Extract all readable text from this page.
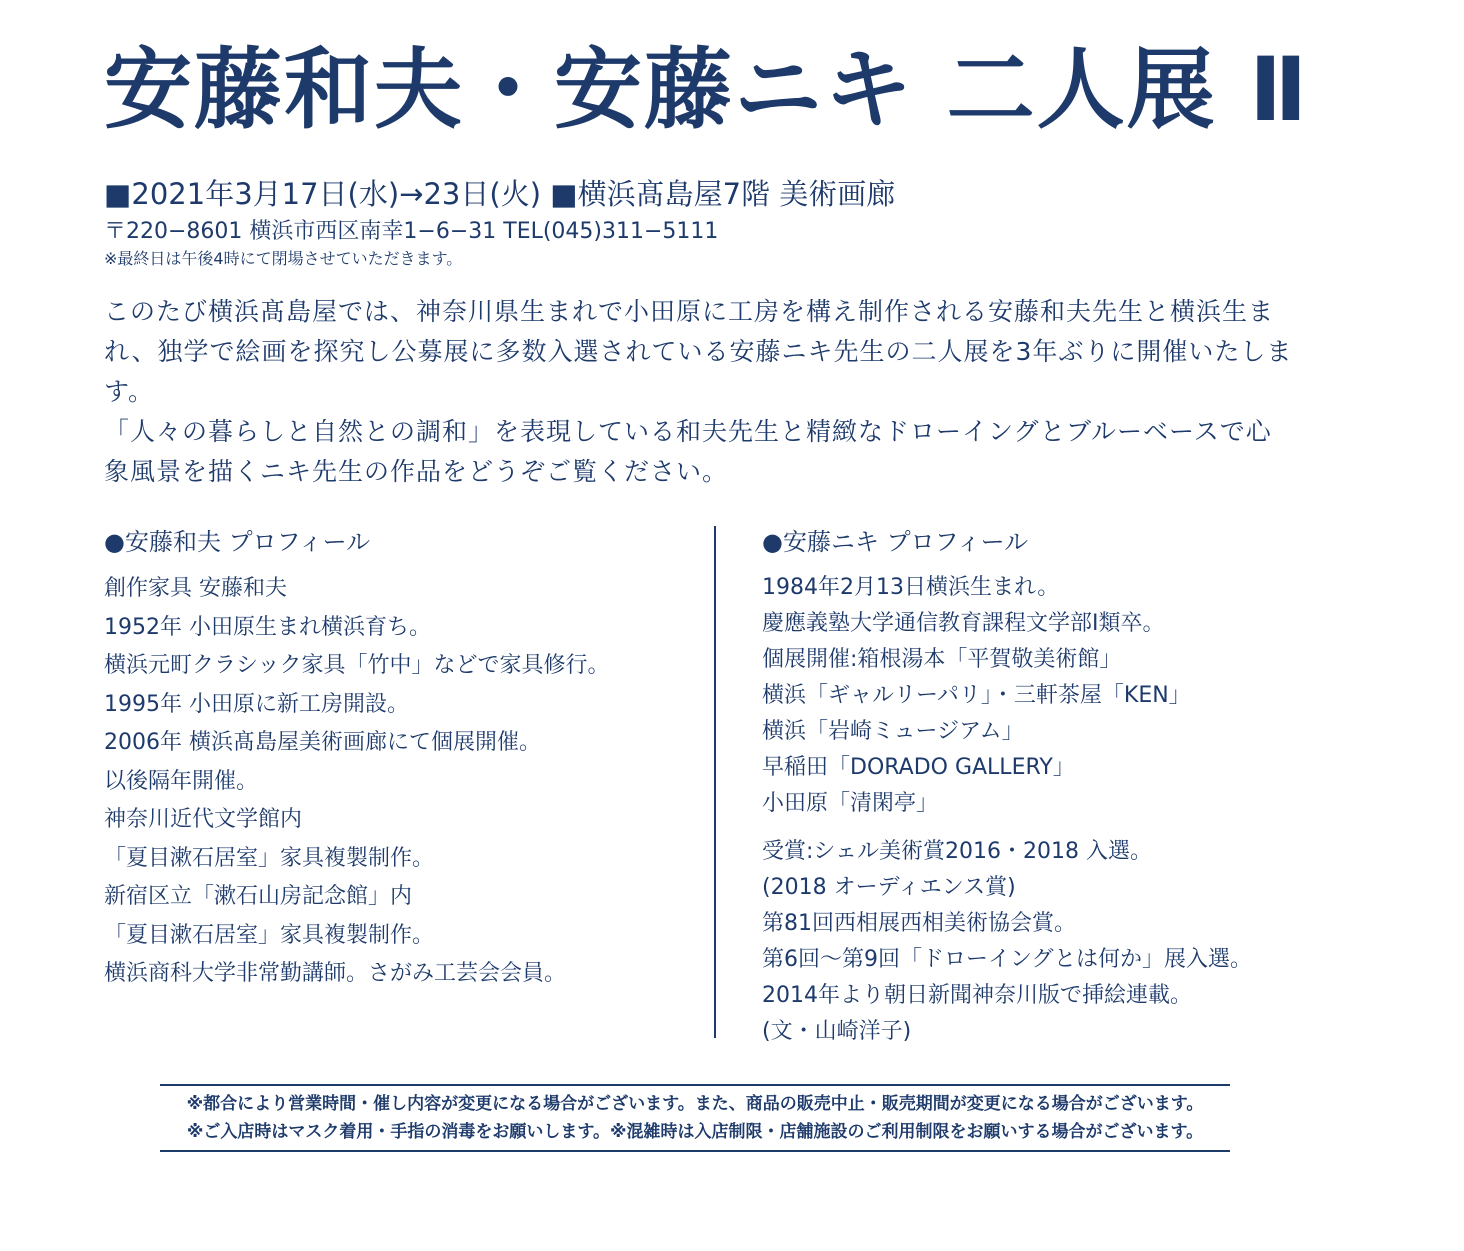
安藤和夫・安藤ニキ 二人展 Ⅱ
■2021年3月17日(水)→23日(火) ■横浜髙島屋7階 美術画廊
〒220−8601 横浜市西区南幸1−6−31 TEL(045)311−5111
※最終日は午後4時にて閉場させていただきます。

このたび横浜髙島屋では、神奈川県生まれで小田原に工房を構え制作される安藤和夫先生と横浜生まれ、独学で絵画を探究し公募展に多数入選されている安藤ニキ先生の二人展を3年ぶりに開催いたします。

「人々の暮らしと自然との調和」を表現している和夫先生と精緻なドローイングとブルーベースで心象風景を描くニキ先生の作品をどうぞご覧ください。

●安藤和夫 プロフィール

創作家具 安藤和夫

1952年 小田原生まれ横浜育ち。

横浜元町クラシック家具「竹中」などで家具修行。

1995年 小田原に新工房開設。

2006年 横浜髙島屋美術画廊にて個展開催。

以後隔年開催。

神奈川近代文学館内

「夏目漱石居室」家具複製制作。

新宿区立「漱石山房記念館」内

「夏目漱石居室」家具複製制作。

横浜商科大学非常勤講師。さがみ工芸会会員。

●安藤ニキ プロフィール

1984年2月13日横浜生まれ。

慶應義塾大学通信教育課程文学部Ⅰ類卒。

個展開催:箱根湯本「平賀敬美術館」

横浜「ギャルリーパリ」・三軒茶屋「KEN」

横浜「岩崎ミュージアム」

早稲田「DORADO GALLERY」

小田原「清閑亭」

受賞:シェル美術賞2016・2018 入選。

(2018 オーディエンス賞)

第81回西相展西相美術協会賞。

第6回〜第9回「ドローイングとは何か」展入選。

2014年より朝日新聞神奈川版で挿絵連載。

(文・山崎洋子)

※都合により営業時間・催し内容が変更になる場合がございます。また、商品の販売中止・販売期間が変更になる場合がございます。

※ご入店時はマスク着用・手指の消毒をお願いします。※混雑時は入店制限・店舗施設のご利用制限をお願いする場合がございます。
